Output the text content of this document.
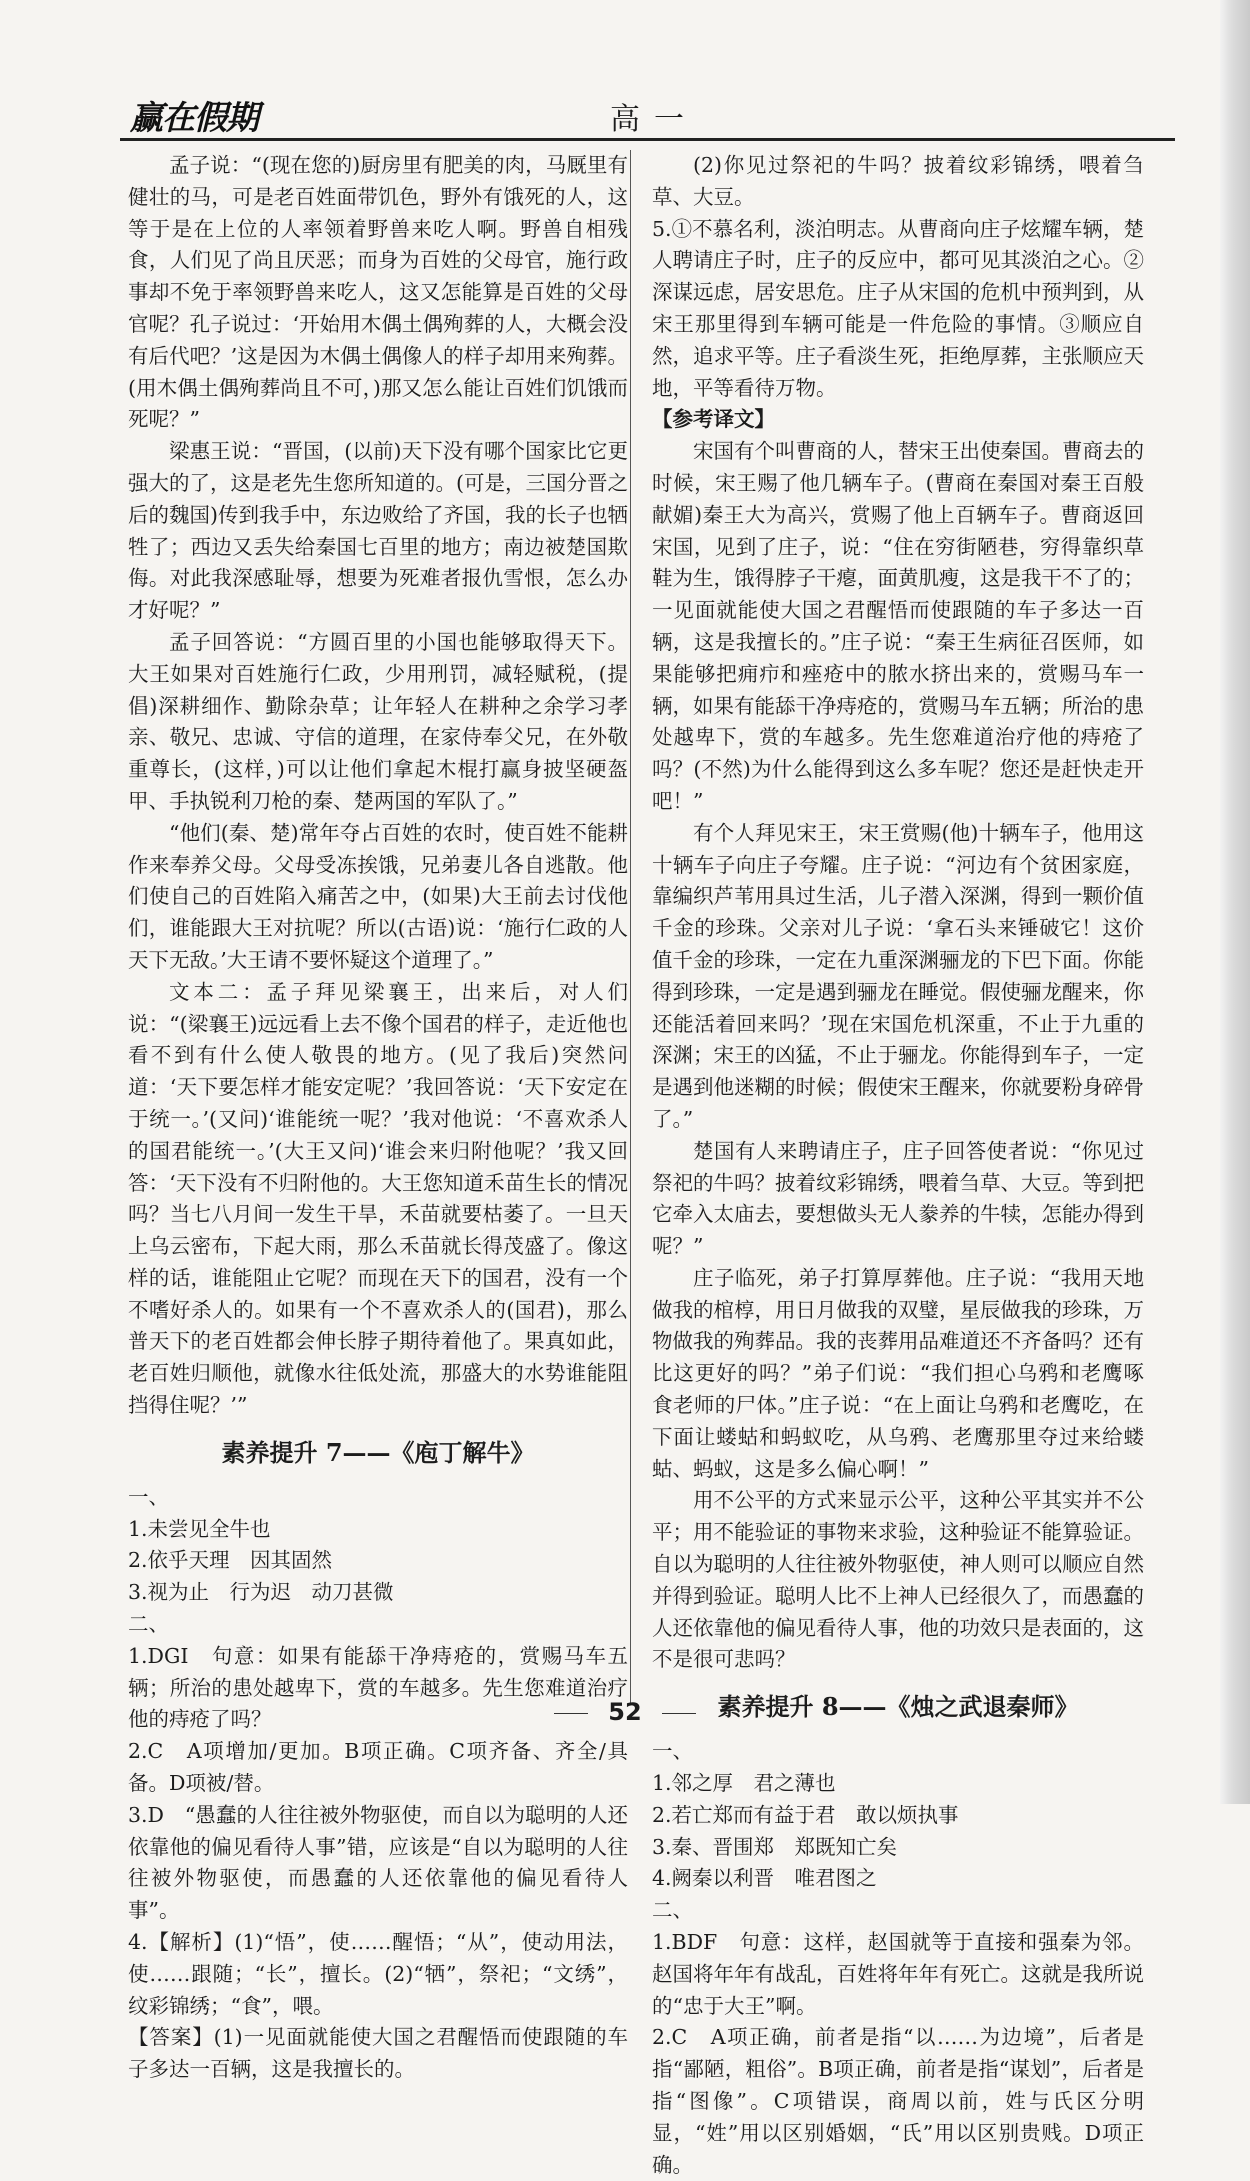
赢在假期	高一

孟子说：“(现在您的)厨房里有肥美的肉，马厩里有健壮的马，可是老百姓面带饥色，野外有饿死的人，这等于是在上位的人率领着野兽来吃人啊。野兽自相残食，人们见了尚且厌恶；而身为百姓的父母官，施行政事却不免于率领野兽来吃人，这又怎能算是百姓的父母官呢？孔子说过：‘开始用木偶土偶殉葬的人，大概会没有后代吧？’这是因为木偶土偶像人的样子却用来殉葬。(用木偶土偶殉葬尚且不可，)那又怎么能让百姓们饥饿而死呢？”

梁惠王说：“晋国，(以前)天下没有哪个国家比它更强大的了，这是老先生您所知道的。(可是，三国分晋之后的魏国)传到我手中，东边败给了齐国，我的长子也牺牲了；西边又丢失给秦国七百里的地方；南边被楚国欺侮。对此我深感耻辱，想要为死难者报仇雪恨，怎么办才好呢？”

孟子回答说：“方圆百里的小国也能够取得天下。大王如果对百姓施行仁政，少用刑罚，减轻赋税，(提倡)深耕细作、勤除杂草；让年轻人在耕种之余学习孝亲、敬兄、忠诚、守信的道理，在家侍奉父兄，在外敬重尊长，(这样，)可以让他们拿起木棍打赢身披坚硬盔甲、手执锐利刀枪的秦、楚两国的军队了。”

“他们(秦、楚)常年夺占百姓的农时，使百姓不能耕作来奉养父母。父母受冻挨饿，兄弟妻儿各自逃散。他们使自己的百姓陷入痛苦之中，(如果)大王前去讨伐他们，谁能跟大王对抗呢？所以(古语)说：‘施行仁政的人天下无敌。’大王请不要怀疑这个道理了。”

文本二：孟子拜见梁襄王，出来后，对人们说：“(梁襄王)远远看上去不像个国君的样子，走近他也看不到有什么使人敬畏的地方。(见了我后)突然问道：‘天下要怎样才能安定呢？’我回答说：‘天下安定在于统一。’(又问)‘谁能统一呢？’我对他说：‘不喜欢杀人的国君能统一。’(大王又问)‘谁会来归附他呢？’我又回答：‘天下没有不归附他的。大王您知道禾苗生长的情况吗？当七八月间一发生干旱，禾苗就要枯萎了。一旦天上乌云密布，下起大雨，那么禾苗就长得茂盛了。像这样的话，谁能阻止它呢？而现在天下的国君，没有一个不嗜好杀人的。如果有一个不喜欢杀人的(国君)，那么普天下的老百姓都会伸长脖子期待着他了。果真如此，老百姓归顺他，就像水往低处流，那盛大的水势谁能阻挡得住呢？’”

素养提升 7——《庖丁解牛》

一、

1.未尝见全牛也

2.依乎天理　因其固然

3.视为止　行为迟　动刀甚微

二、

1.DGI　句意：如果有能舔干净痔疮的，赏赐马车五辆；所治的患处越卑下，赏的车越多。先生您难道治疗他的痔疮了吗？

2.C　A项增加/更加。B项正确。C项齐备、齐全/具备。D项被/替。

3.D　“愚蠢的人往往被外物驱使，而自以为聪明的人还依靠他的偏见看待人事”错，应该是“自以为聪明的人往往被外物驱使，而愚蠢的人还依靠他的偏见看待人事”。

4.【解析】(1)“悟”，使……醒悟；“从”，使动用法，使……跟随；“长”，擅长。(2)“牺”，祭祀；“文绣”，纹彩锦绣；“食”，喂。

【答案】(1)一见面就能使大国之君醒悟而使跟随的车子多达一百辆，这是我擅长的。

(2)你见过祭祀的牛吗？披着纹彩锦绣，喂着刍草、大豆。

5.①不慕名利，淡泊明志。从曹商向庄子炫耀车辆，楚人聘请庄子时，庄子的反应中，都可见其淡泊之心。②深谋远虑，居安思危。庄子从宋国的危机中预判到，从宋王那里得到车辆可能是一件危险的事情。③顺应自然，追求平等。庄子看淡生死，拒绝厚葬，主张顺应天地，平等看待万物。

【参考译文】

宋国有个叫曹商的人，替宋王出使秦国。曹商去的时候，宋王赐了他几辆车子。(曹商在秦国对秦王百般献媚)秦王大为高兴，赏赐了他上百辆车子。曹商返回宋国，见到了庄子，说：“住在穷街陋巷，穷得靠织草鞋为生，饿得脖子干瘪，面黄肌瘦，这是我干不了的；一见面就能使大国之君醒悟而使跟随的车子多达一百辆，这是我擅长的。”庄子说：“秦王生病征召医师，如果能够把痈疖和痤疮中的脓水挤出来的，赏赐马车一辆，如果有能舔干净痔疮的，赏赐马车五辆；所治的患处越卑下，赏的车越多。先生您难道治疗他的痔疮了吗？(不然)为什么能得到这么多车呢？您还是赶快走开吧！”

有个人拜见宋王，宋王赏赐(他)十辆车子，他用这十辆车子向庄子夸耀。庄子说：“河边有个贫困家庭，靠编织芦苇用具过生活，儿子潜入深渊，得到一颗价值千金的珍珠。父亲对儿子说：‘拿石头来锤破它！这价值千金的珍珠，一定在九重深渊骊龙的下巴下面。你能得到珍珠，一定是遇到骊龙在睡觉。假使骊龙醒来，你还能活着回来吗？’现在宋国危机深重，不止于九重的深渊；宋王的凶猛，不止于骊龙。你能得到车子，一定是遇到他迷糊的时候；假使宋王醒来，你就要粉身碎骨了。”

楚国有人来聘请庄子，庄子回答使者说：“你见过祭祀的牛吗？披着纹彩锦绣，喂着刍草、大豆。等到把它牵入太庙去，要想做头无人豢养的牛犊，怎能办得到呢？”

庄子临死，弟子打算厚葬他。庄子说：“我用天地做我的棺椁，用日月做我的双璧，星辰做我的珍珠，万物做我的殉葬品。我的丧葬用品难道还不齐备吗？还有比这更好的吗？”弟子们说：“我们担心乌鸦和老鹰啄食老师的尸体。”庄子说：“在上面让乌鸦和老鹰吃，在下面让蝼蛄和蚂蚁吃，从乌鸦、老鹰那里夺过来给蝼蛄、蚂蚁，这是多么偏心啊！”

用不公平的方式来显示公平，这种公平其实并不公平；用不能验证的事物来求验，这种验证不能算验证。自以为聪明的人往往被外物驱使，神人则可以顺应自然并得到验证。聪明人比不上神人已经很久了，而愚蠢的人还依靠他的偏见看待人事，他的功效只是表面的，这不是很可悲吗？

素养提升 8——《烛之武退秦师》

一、

1.邻之厚　君之薄也

2.若亡郑而有益于君　敢以烦执事

3.秦、晋围郑　郑既知亡矣

4.阙秦以利晋　唯君图之

二、

1.BDF　句意：这样，赵国就等于直接和强秦为邻。赵国将年年有战乱，百姓将年年有死亡。这就是我所说的“忠于大王”啊。

2.C　A项正确，前者是指“以……为边境”，后者是指“鄙陋，粗俗”。B项正确，前者是指“谋划”，后者是指“图像”。C项错误，商周以前，姓与氏区分明显，“姓”用以区别婚姻，“氏”用以区别贵贱。D项正确。

52
